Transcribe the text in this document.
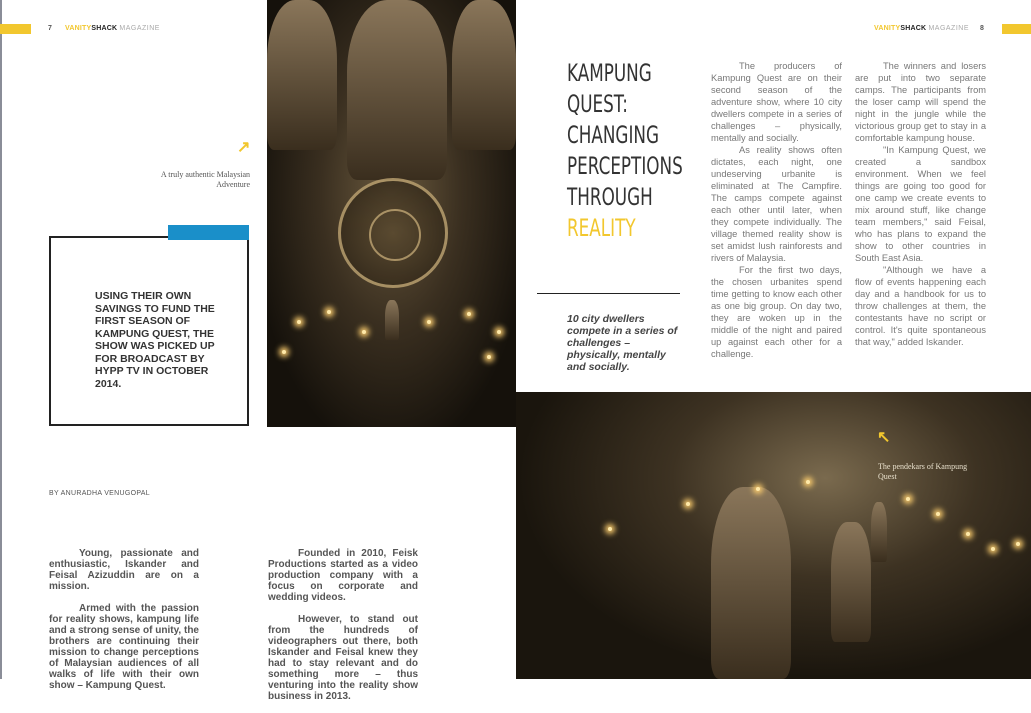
7 VANITYSHACK MAGAZINE
↗
A truly authentic Malaysian Adventure
USING THEIR OWN SAVINGS TO FUND THE FIRST SEASON OF KAMPUNG QUEST, THE SHOW WAS PICKED UP FOR BROADCAST BY HYPP TV IN OCTOBER 2014.
BY ANURADHA VENUGOPAL

Young, passionate and enthusiastic, Iskander and Feisal Azizuddin are on a mission.

Armed with the passion for reality shows, kampung life and a strong sense of unity, the brothers are continuing their mission to change perceptions of Malaysian audiences of all walks of life with their own show – Kampung Quest.

Founded in 2010, Feisk Productions started as a video production company with a focus on corporate and wedding videos.

However, to stand out from the hundreds of videographers out there, both Iskander and Feisal knew they had to stay relevant and do something more – thus venturing into the reality show business in 2013.

VANITYSHACK MAGAZINE 8
KAMPUNG
QUEST:
CHANGING
PERCEPTIONS
THROUGH
REALITY
10 city dwellers compete in a series of challenges – physically, mentally and socially.

The producers of Kampung Quest are on their second season of the adventure show, where 10 city dwellers compete in a series of challenges – physically, mentally and socially.

As reality shows often dictates, each night, one undeserving urbanite is eliminated at The Campfire. The camps compete against each other until later, when they compete individually. The village themed reality show is set amidst lush rainforests and rivers of Malaysia.

For the first two days, the chosen urbanites spend time getting to know each other as one big group. On day two, they are woken up in the middle of the night and paired up against each other for a challenge.

The winners and losers are put into two separate camps. The participants from the loser camp will spend the night in the jungle while the victorious group get to stay in a comfortable kampung house.

"In Kampung Quest, we created a sandbox environment. When we feel things are going too good for one camp we create events to mix around stuff, like change team members," said Feisal, who has plans to expand the show to other countries in South East Asia.

"Although we have a flow of events happening each day and a handbook for us to throw challenges at them, the contestants have no script or control. It's quite spontaneous that way," added Iskander.

↖
The pendekars of Kampung Quest
